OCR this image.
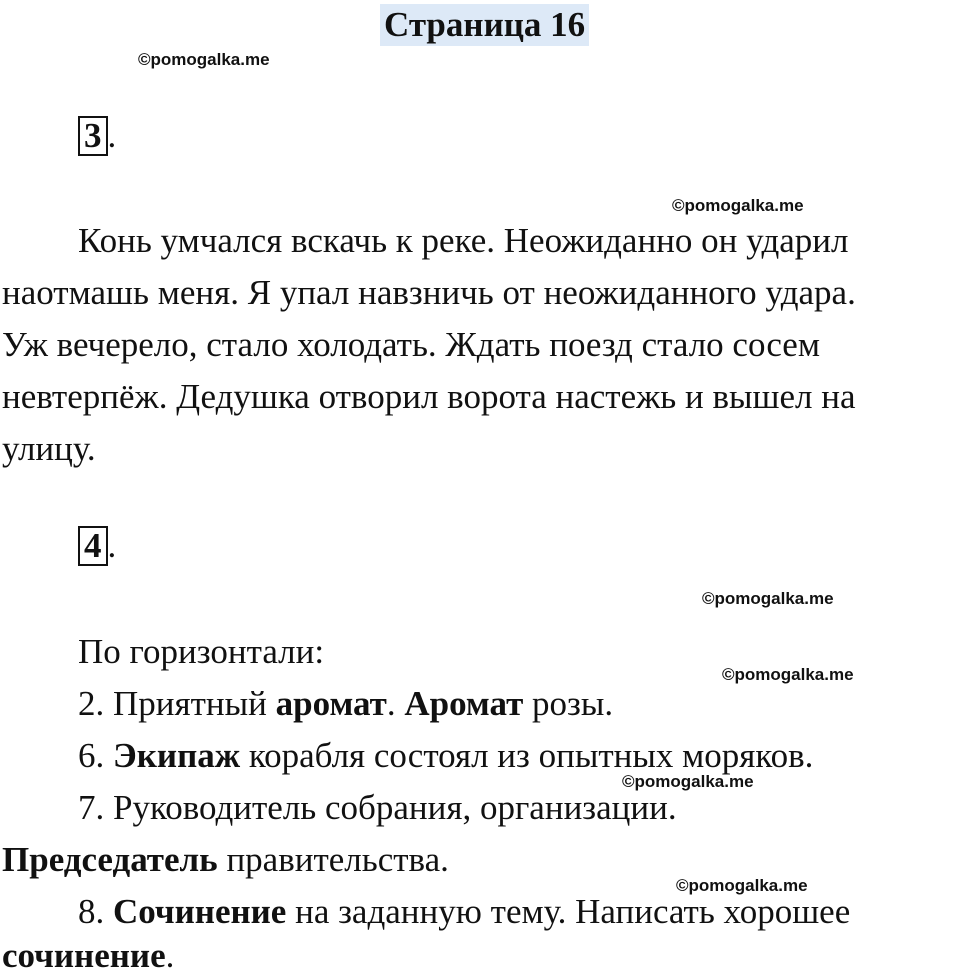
Страница 16
©pomogalka.me
3 .
©pomogalka.me
Конь умчался вскачь к реке. Неожиданно он ударил
наотмашь меня. Я упал навзничь от неожиданного удара.
Уж вечерело, стало холодать. Ждать поезд стало сосем
невтерпёж. Дедушка отворил ворота настежь и вышел на
улицу.
4 .
©pomogalka.me
По горизонтали:
©pomogalka.me
2. Приятный аромат. Аромат розы.
6. Экипаж корабля состоял из опытных моряков.
©pomogalka.me
7. Руководитель собрания, организации.
Председатель правительства.
©pomogalka.me
8. Сочинение на заданную тему. Написать хорошее
сочинение.
